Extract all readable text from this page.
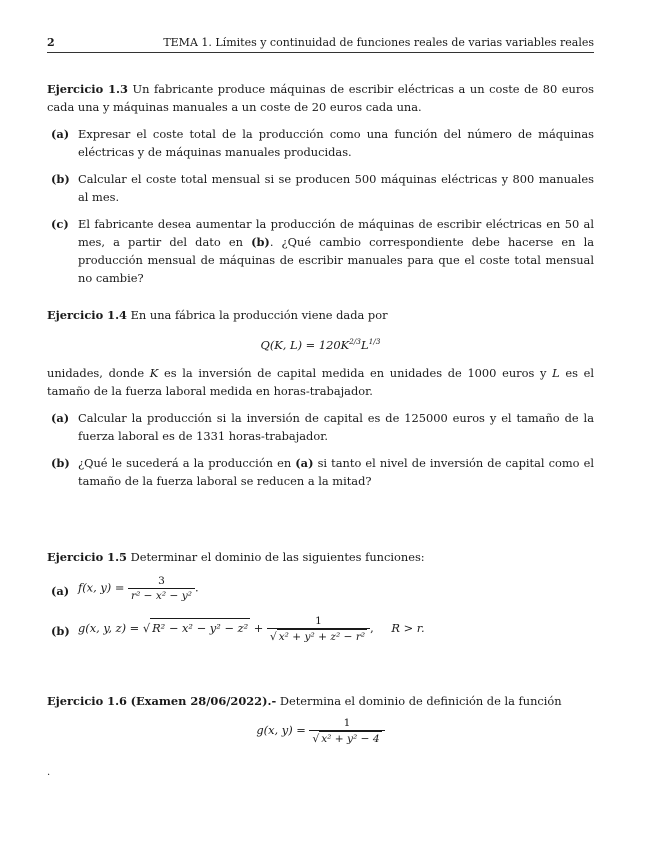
2	TEMA 1. Límites y continuidad de funciones reales de varias variables reales

Ejercicio 1.3 Un fabricante produce máquinas de escribir eléctricas a un coste de 80 euros cada una y máquinas manuales a un coste de 20 euros cada una.

(a) Expresar el coste total de la producción como una función del número de máquinas eléctricas y de máquinas manuales producidas.
(b) Calcular el coste total mensual si se producen 500 máquinas eléctricas y 800 manuales al mes.
(c) El fabricante desea aumentar la producción de máquinas de escribir eléctricas en 50 al mes, a partir del dato en (b). ¿Qué cambio correspondiente debe hacerse en la producción mensual de máquinas de escribir manuales para que el coste total mensual no cambie?

Ejercicio 1.4 En una fábrica la producción viene dada por

Q(K, $L) = 120K^{2/3}L^{1/3}$

unidades, donde K es la inversión de capital medida en unidades de 1000 euros y L es el tamaño de la fuerza laboral medida en horas-trabajador.

(a) Calcular la producción si la inversión de capital es de 125000 euros y el tamaño de la fuerza laboral es de 1331 horas-trabajador.
(b) ¿Qué le sucederá a la producción en (a) si tanto el nivel de inversión de capital como el tamaño de la fuerza laboral se reducen a la mitad?

Ejercicio 1.5 Determinar el dominio de las siguientes funciones:

(a) f(x, $y) = \frac{3}{\text{r² − x² − y²}}$ .
(b) g(x, y, z) = √ $R^2 - x^2 - y^2 - z^2 + \frac{1}{\text{√ x² + y² + z² − r²}}$ , R > r.

Ejercicio 1.6 (Examen 28/06/2022).- Determina el dominio de definición de la función

g(x, $y) = \frac{1}{\text{√ x² + y² − 4}}$
.
